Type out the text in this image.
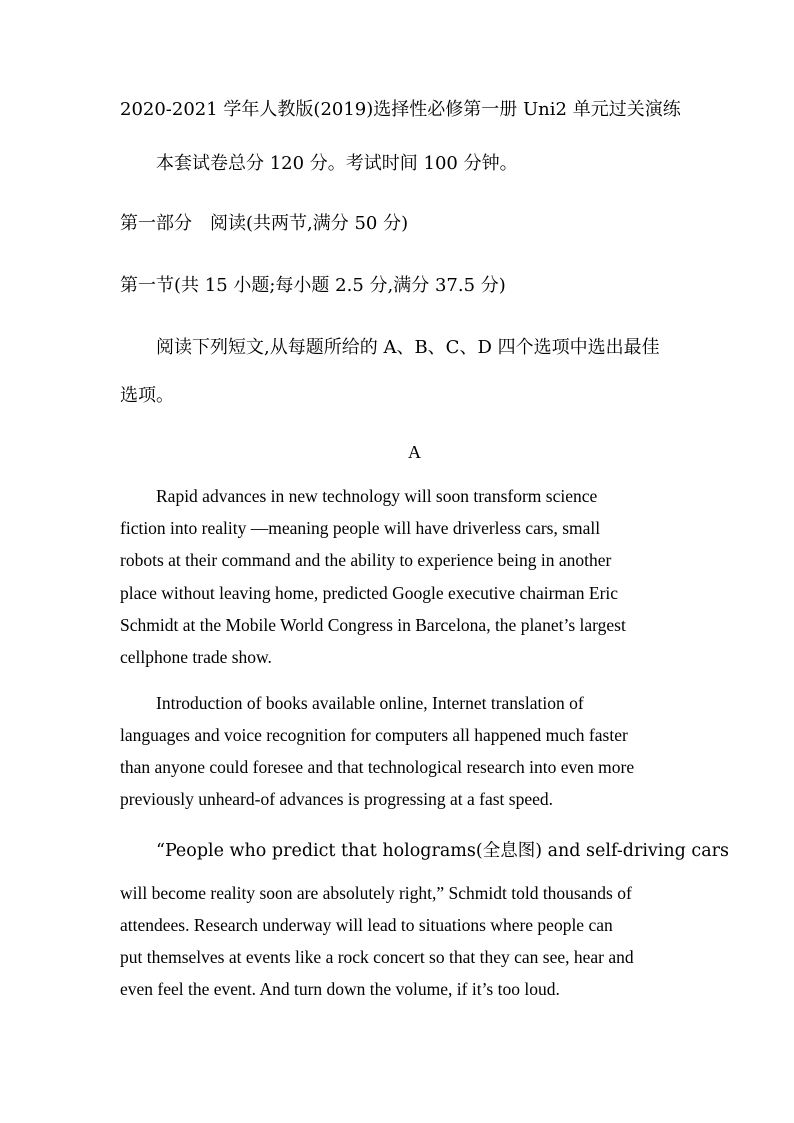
2020-2021 学年人教版(2019)选择性必修第一册 Uni2 单元过关演练
本套试卷总分 120 分。考试时间 100 分钟。
第一部分　阅读(共两节,满分 50 分)
第一节(共 15 小题;每小题 2.5 分,满分 37.5 分)
阅读下列短文,从每题所给的 A、B、C、D 四个选项中选出最佳
选项。
A
Rapid advances in new technology will soon transform science
fiction into reality —meaning people will have driverless cars, small
robots at their command and the ability to experience being in another
place without leaving home, predicted Google executive chairman Eric
Schmidt at the Mobile World Congress in Barcelona, the planet’s largest
cellphone trade show.
Introduction of books available online, Internet translation of
languages and voice recognition for computers all happened much faster
than anyone could foresee and that technological research into even more
previously unheard-of advances is progressing at a fast speed.
“People who predict that holograms(全息图) and self-driving cars
will become reality soon are absolutely right,” Schmidt told thousands of
attendees. Research underway will lead to situations where people can
put themselves at events like a rock concert so that they can see, hear and
even feel the event. And turn down the volume, if it’s too loud.
